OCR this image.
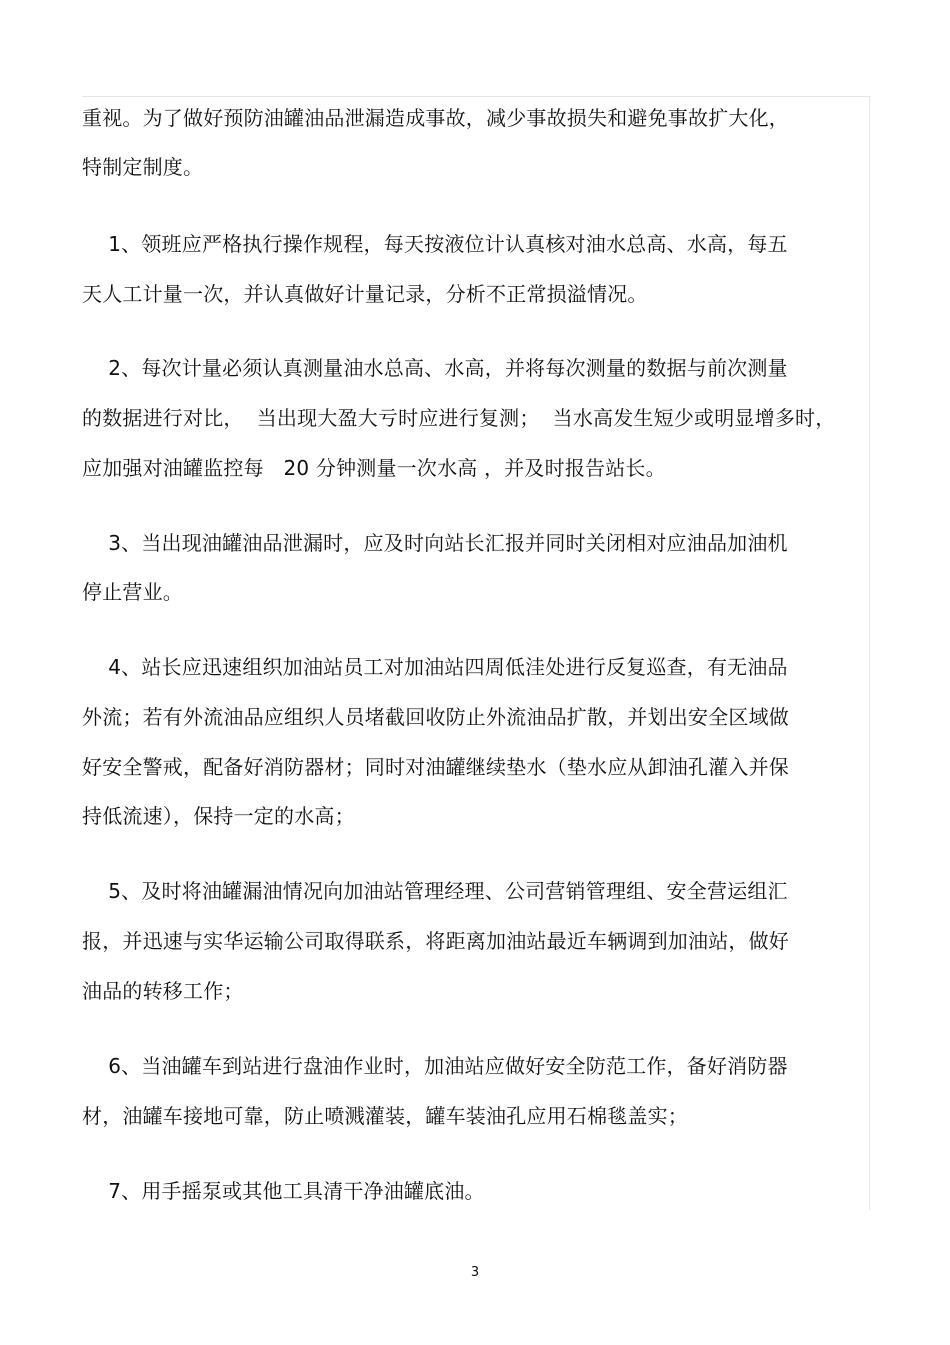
重视。为了做好预防油罐油品泄漏造成事故，减少事故损失和避免事故扩大化，
特制定制度。
1、领班应严格执行操作规程，每天按液位计认真核对油水总高、水高，每五
天人工计量一次，并认真做好计量记录，分析不正常损溢情况。
2、每次计量必须认真测量油水总高、水高，并将每次测量的数据与前次测量
的数据进行对比，  当出现大盈大亏时应进行复测；  当水高发生短少或明显增多时，
应加强对油罐监控每   20 分钟测量一次水高 ，并及时报告站长。
3、当出现油罐油品泄漏时，应及时向站长汇报并同时关闭相对应油品加油机
停止营业。
4、站长应迅速组织加油站员工对加油站四周低洼处进行反复巡查，有无油品
外流；若有外流油品应组织人员堵截回收防止外流油品扩散，并划出安全区域做
好安全警戒，配备好消防器材；同时对油罐继续垫水（垫水应从卸油孔灌入并保
持低流速），保持一定的水高；
5、及时将油罐漏油情况向加油站管理经理、公司营销管理组、安全营运组汇
报，并迅速与实华运输公司取得联系，将距离加油站最近车辆调到加油站，做好
油品的转移工作；
6、当油罐车到站进行盘油作业时，加油站应做好安全防范工作，备好消防器
材，油罐车接地可靠，防止喷溅灌装，罐车装油孔应用石棉毯盖实；
7、用手摇泵或其他工具清干净油罐底油。
3
